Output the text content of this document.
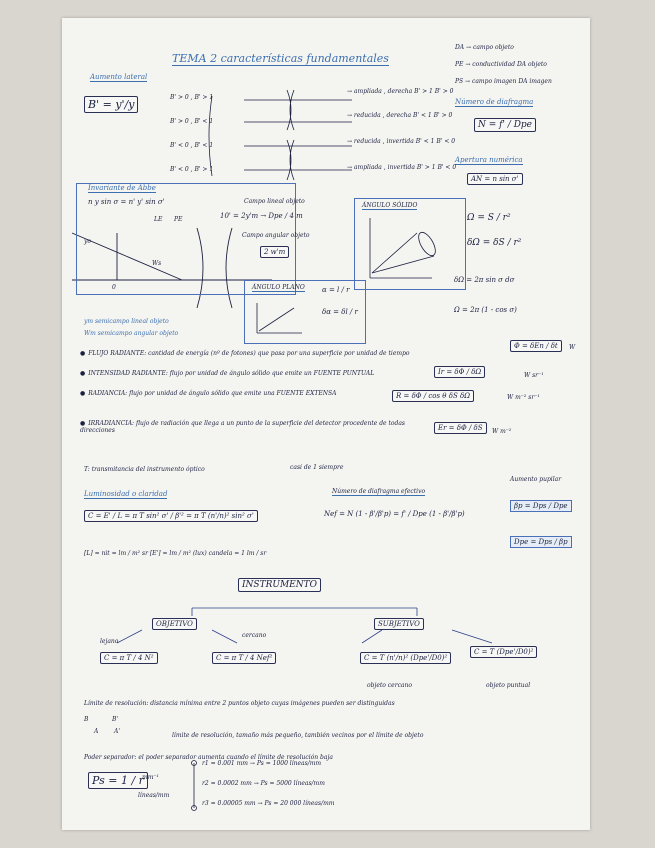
TEMA 2 características fundamentales
DA → campo objeto
PE → conductividad DA objeto
PS → campo imagen DA imagen
Número de diafragma
N = f' / Dpe
Apertura numérica
AN = n sin σ'
Aumento lateral
B' = y'/y
B' > 0 , B' > 1
B' > 0 , B' < 1
B' < 0 , B' < 1
B' < 0 , B' > 1
→ ampliada , derecha B' > 1 B' > 0
→ reducida , derecha B' < 1 B' > 0
→ reducida , invertida B' < 1 B' < 0
→ ampliada , invertida B' > 1 B' < 0
Invariante de Abbe
n y sin σ = n' y' sin σ'
yo
Ws
PE
LE
0
ym semicampo lineal objeto
Wm semicampo angular objeto
Campo lineal objeto
10' = 2y'm → Dpe / 4 m
Campo angular objeto
2 w'm
ÁNGULO SÓLIDO
Ω = S / r²
δΩ = δS / r²
ÁNGULO PLANO α = l / r
δα = δl / r
δΩ = 2π sin σ dσ
Ω = 2π (1 - cos σ)
● FLUJO RADIANTE: cantidad de energía (nº de fotones) que pasa por una superficie por unidad de tiempo
Φ = δEn / δt	W
● INTENSIDAD RADIANTE: flujo por unidad de ángulo sólido que emite un FUENTE PUNTUAL	Ir = δΦ / δΩ	W sr⁻¹
● RADIANCIA: flujo por unidad de ángulo sólido que emite una FUENTE EXTENSA	R = δΦ / cos θ δS δΩ	W m⁻² sr⁻¹
● IRRADIANCIA: flujo de radiación que llega a un punto de la superficie del detector procedente de todas direcciones	Er = δΦ / δS	W m⁻²
T: transmitancia del instrumento óptico	casi de 1 siempre
Luminosidad o claridad
C = E' / L = π T sin² σ' / β'² = π T (n'/n)² sin² σ'
Número de diafragma efectivo
Nef = N (1 - β'/β'p) = f' / Dpe (1 - β'/β'p)
Aumento pupilar
βp = Dps / Dpe
Dpe = Dps / βp
[L] = nit = lm / m² sr [E'] = lm / m² (lux) candela = 1 lm / sr
INSTRUMENTO
OBJETIVO	SUBJETIVO
lejano
cercano
C = π T / 4 N²	C = π T / 4 Nef²	C = T (n'/n)² (Dpe'/D0)²
C = T (Dpe'/D0)²
objeto cercano	objeto puntual
Límite de resolución: distancia mínima entre 2 puntos objeto cuyas imágenes pueden ser distinguidas
B
A
B'
A'
límite de resolución, tamaño más pequeño, también vecinos por el límite de objeto
Poder separador: el poder separador aumenta cuando el límite de resolución baja
Ps = 1 / r
mm⁻¹
líneas/mm
r1 = 0.001 mm → Ps = 1000 líneas/mm
r2 = 0.0002 mm → Ps = 5000 líneas/mm
r3 = 0.00005 mm → Ps = 20 000 líneas/mm
